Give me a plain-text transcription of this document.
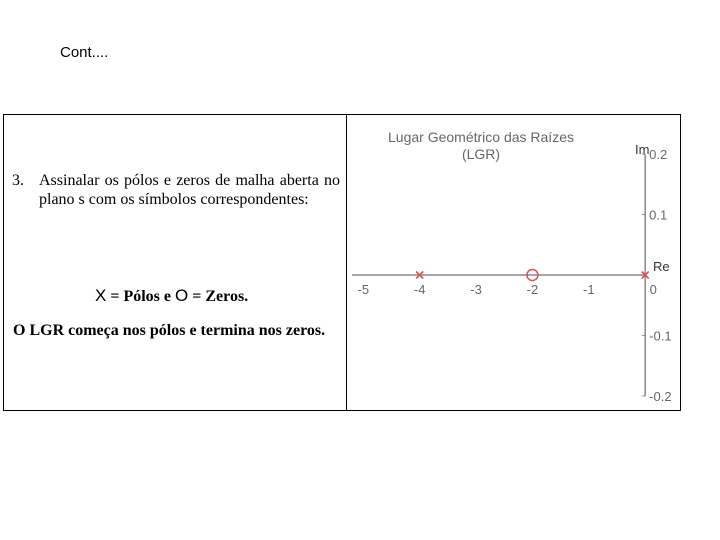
Cont....
3. Assinalar os pólos e zeros de malha aberta no plano s com os símbolos correspondentes:
X = Pólos e O = Zeros.
O LGR começa nos pólos e termina nos zeros.
Lugar Geométrico das Raízes
(LGR)	Im
Re
-5	-4	-3	-2	-1	0
0.2
0.1
-0.1
-0.2
